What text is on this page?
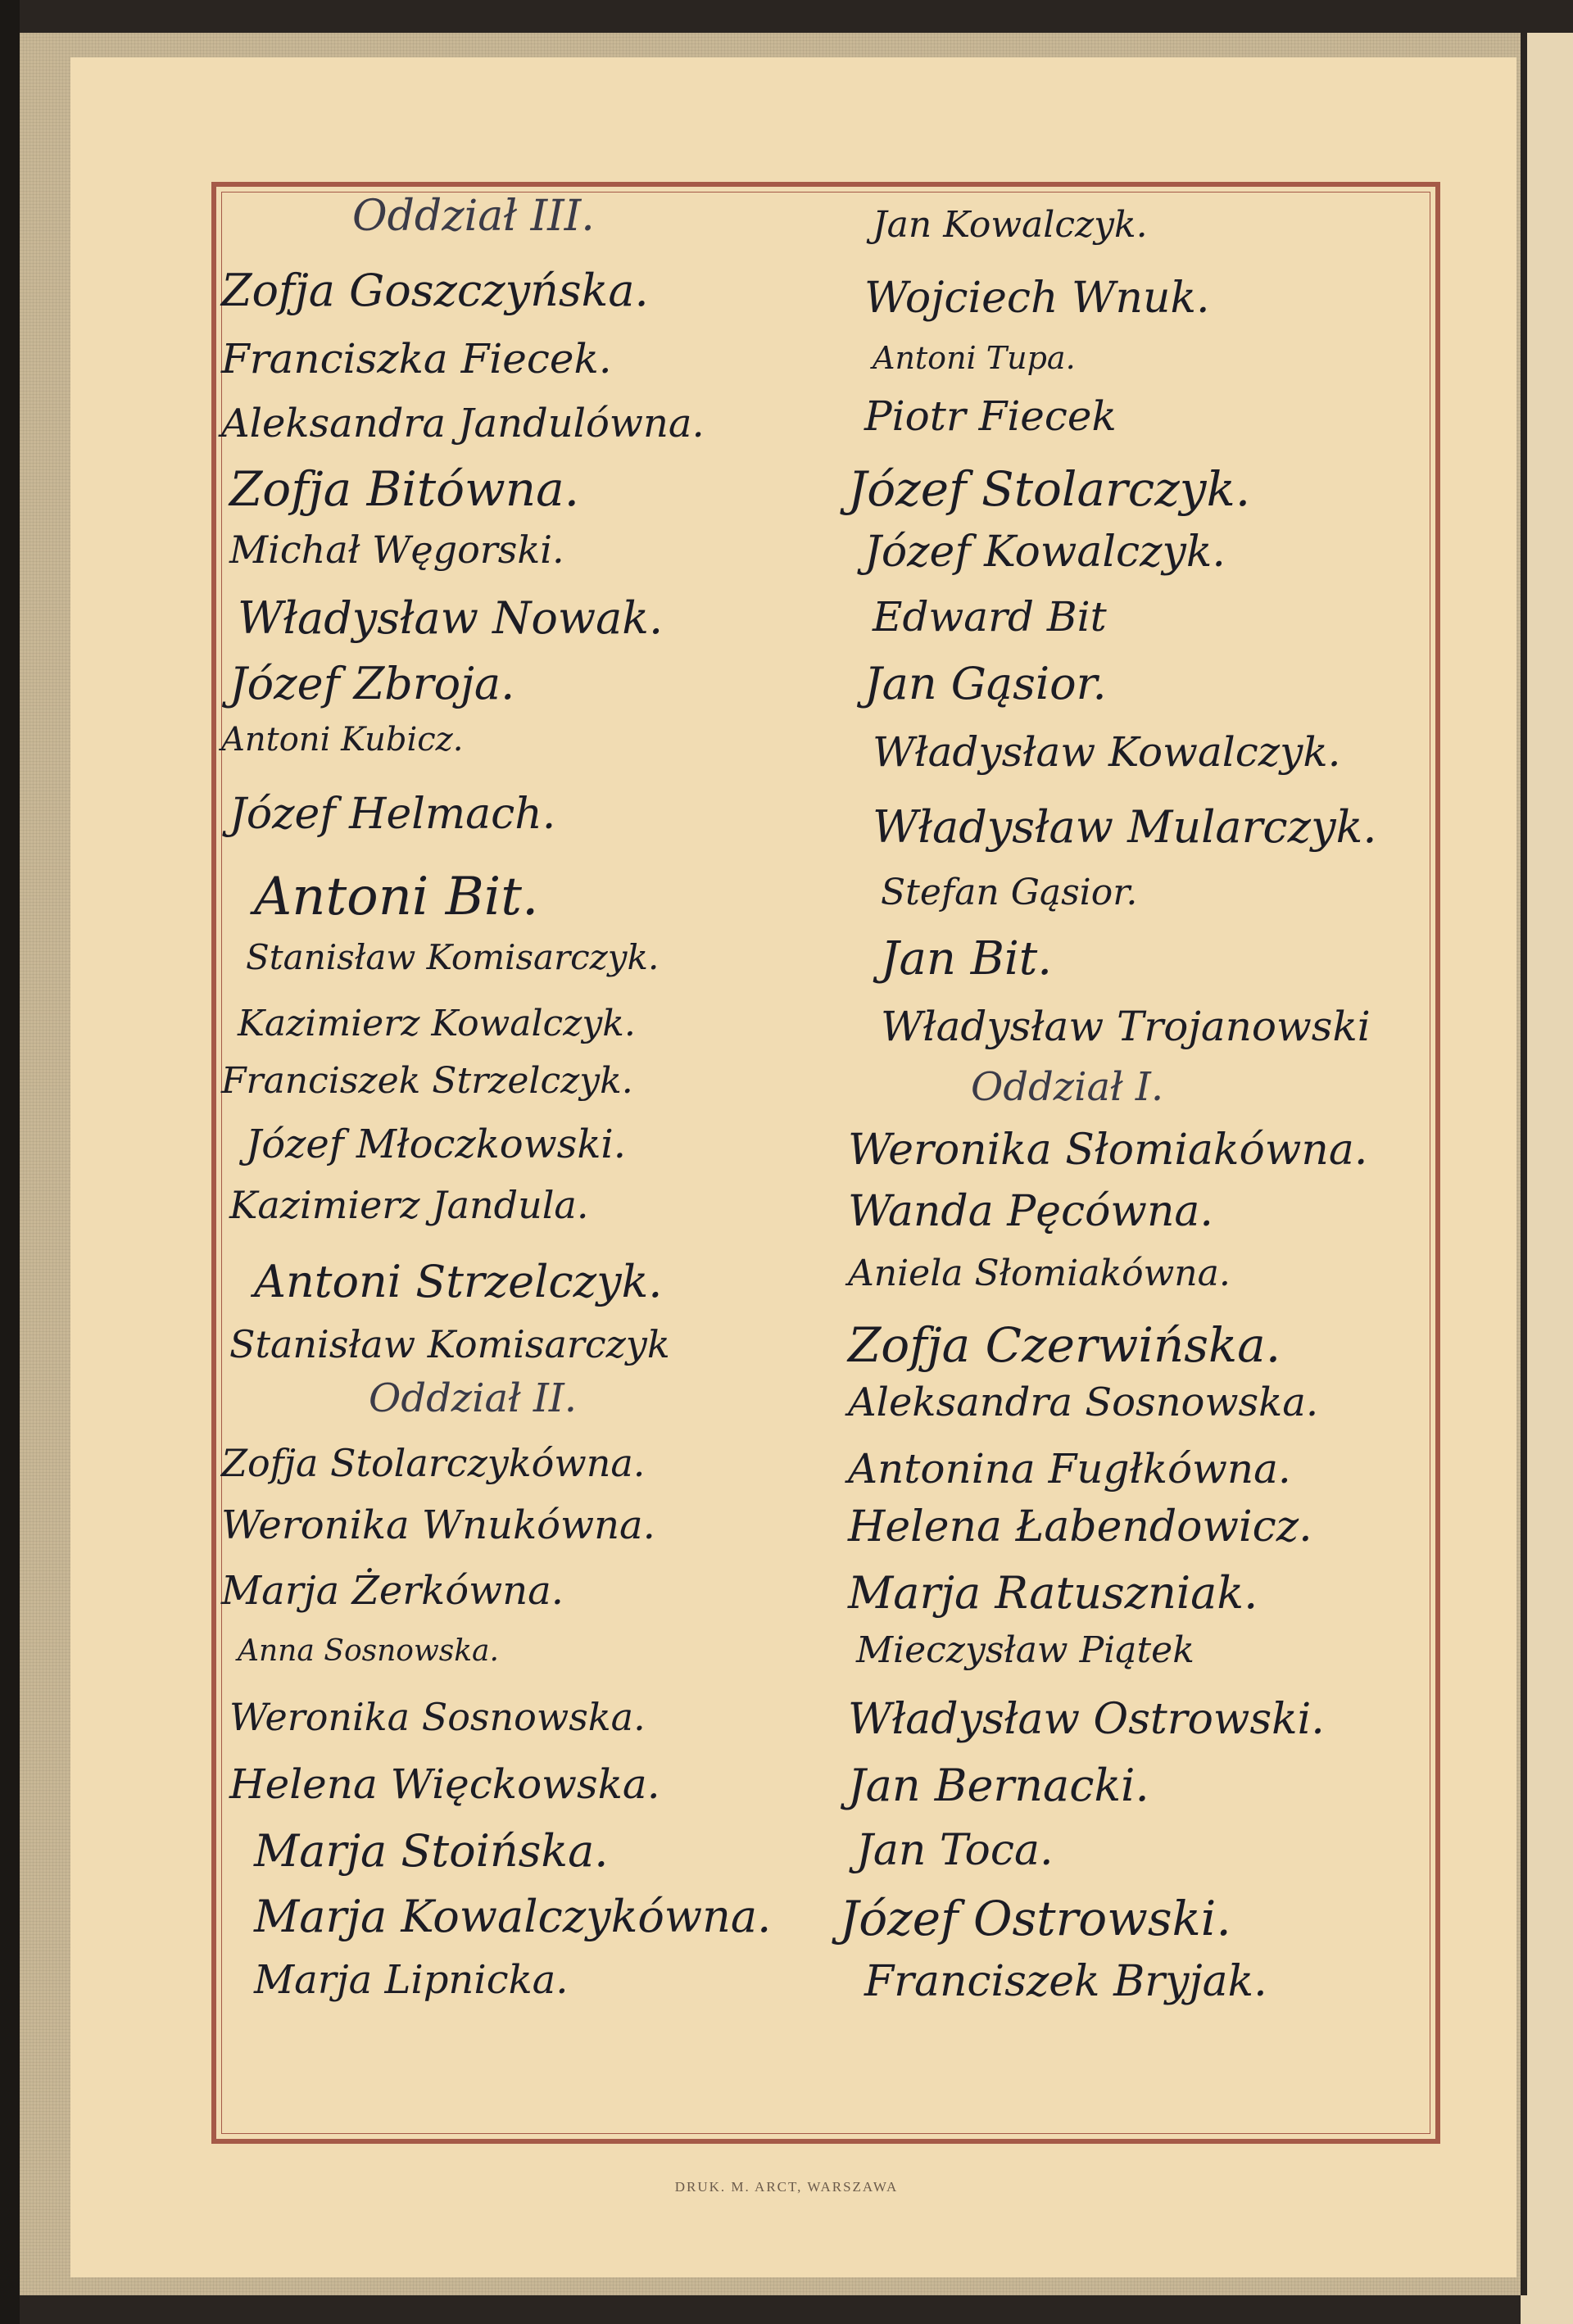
Oddział III.
Zofja Goszczyńska.
Franciszka Fiecek.
Aleksandra Jandulówna.
Zofja Bitówna.
Michał Węgorski.
Władysław Nowak.
Józef Zbroja.
Antoni Kubicz.
Józef Helmach.
Antoni Bit.
Stanisław Komisarczyk.
Kazimierz Kowalczyk.
Franciszek Strzelczyk.
Józef Młoczkowski.
Kazimierz Jandula.
Antoni Strzelczyk.
Stanisław Komisarczyk
Oddział II.
Zofja Stolarczykówna.
Weronika Wnukówna.
Marja Żerkówna.
Anna Sosnowska.
Weronika Sosnowska.
Helena Więckowska.
Marja Stoińska.
Marja Kowalczykówna.
Marja Lipnicka.
Jan Kowalczyk.
Wojciech Wnuk.
Antoni Tupa.
Piotr Fiecek
Józef Stolarczyk.
Józef Kowalczyk.
Edward Bit
Jan Gąsior.
Władysław Kowalczyk.
Władysław Mularczyk.
Stefan Gąsior.
Jan Bit.
Władysław Trojanowski
Oddział I.
Weronika Słomiakówna.
Wanda Pęcówna.
Aniela Słomiakówna.
Zofja Czerwińska.
Aleksandra Sosnowska.
Antonina Fugłkówna.
Helena Łabendowicz.
Marja Ratuszniak.
Mieczysław Piątek
Władysław Ostrowski.
Jan Bernacki.
Jan Toca.
Józef Ostrowski.
Franciszek Bryjak.
DRUK. M. ARCT, WARSZAWA
